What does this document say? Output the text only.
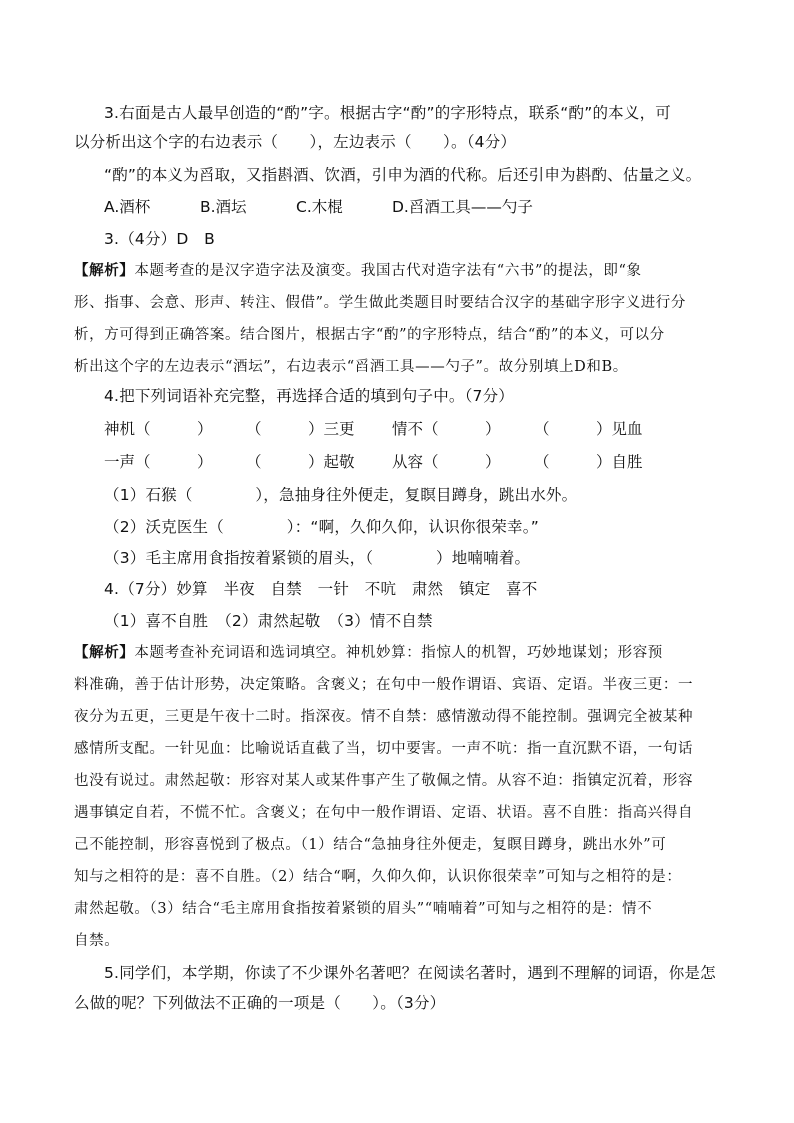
3.右面是古人最早创造的“酌”字。根据古字“酌”的字形特点，联系“酌”的本义，可
以分析出这个字的右边表示（　　），左边表示（　　）。（4分）
“酌”的本义为舀取，又指斟酒、饮酒，引申为酒的代称。后还引申为斟酌、估量之义。
A.酒杯	B.酒坛	C.木棍	D.舀酒工具——勺子
3.（4分）D　B
【解析】本题考查的是汉字造字法及演变。我国古代对造字法有“六书”的提法，即“象
形、指事、会意、形声、转注、假借”。学生做此类题目时要结合汉字的基础字形字义进行分
析，方可得到正确答案。结合图片，根据古字“酌”的字形特点，结合“酌”的本义，可以分
析出这个字的左边表示“酒坛”，右边表示“舀酒工具——勺子”。故分别填上D和B。
4.把下列词语补充完整，再选择合适的填到句子中。（7分）
神机（　　　） （　　　）三更 情不（　　　） （　　　）见血
一声（　　　） （　　　）起敬 从容（　　　） （　　　）自胜
（1）石猴（　　　　），急抽身往外便走，复瞑目蹲身，跳出水外。
（2）沃克医生（　　　　）：“啊，久仰久仰，认识你很荣幸。”
（3）毛主席用食指按着紧锁的眉头，（　　　　）地喃喃着。
4.（7分）妙算　半夜　自禁　一针　不吭　肃然　镇定　喜不
（1）喜不自胜　（2）肃然起敬　（3）情不自禁
【解析】本题考查补充词语和选词填空。神机妙算：指惊人的机智，巧妙地谋划；形容预
料准确，善于估计形势，决定策略。含褒义；在句中一般作谓语、宾语、定语。半夜三更：一
夜分为五更，三更是午夜十二时。指深夜。情不自禁：感情激动得不能控制。强调完全被某种
感情所支配。一针见血：比喻说话直截了当，切中要害。一声不吭：指一直沉默不语，一句话
也没有说过。肃然起敬：形容对某人或某件事产生了敬佩之情。从容不迫：指镇定沉着，形容
遇事镇定自若，不慌不忙。含褒义；在句中一般作谓语、定语、状语。喜不自胜：指高兴得自
己不能控制，形容喜悦到了极点。（1）结合“急抽身往外便走，复瞑目蹲身，跳出水外”可
知与之相符的是：喜不自胜。（2）结合“啊，久仰久仰，认识你很荣幸”可知与之相符的是：
肃然起敬。（3）结合“毛主席用食指按着紧锁的眉头”“喃喃着”可知与之相符的是：情不
自禁。
5.同学们，本学期，你读了不少课外名著吧？在阅读名著时，遇到不理解的词语，你是怎
么做的呢？下列做法不正确的一项是（　　）。（3分）
